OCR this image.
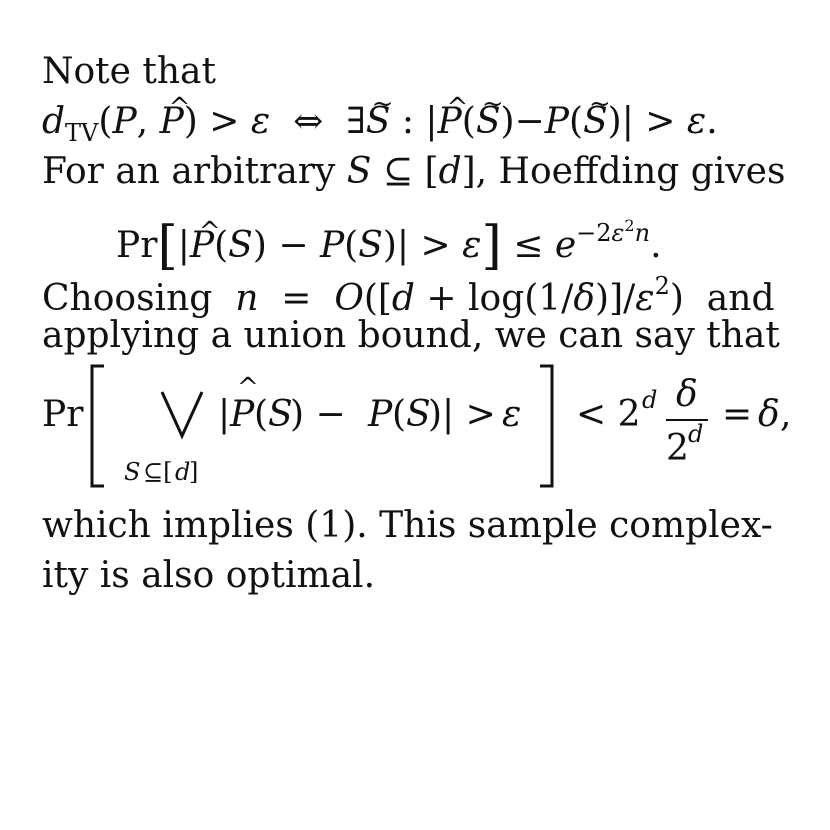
Note that
$d_{TV}(P$, ^ P) > ε  ⇔  ∃~ S : |^ P(~ S)−P(~ S)| > ε.
For an arbitrary S ⊆ [d], Hoeffding gives
Pr[|^ $P(S) - P(S)| > \varepsilon] \le e^{-2\varepsilon^2n}$.
Choosing  $n = O([d + \log(1/\delta)]/\varepsilon^2)$  and
applying a union bound, we can say that
Pr
S ⊆[ d
]
| P
^
( S
) − P ( S
)| > ε < 2 d δ
2 d = δ ,
which implies (1). This sample complex-
ity is also optimal.
